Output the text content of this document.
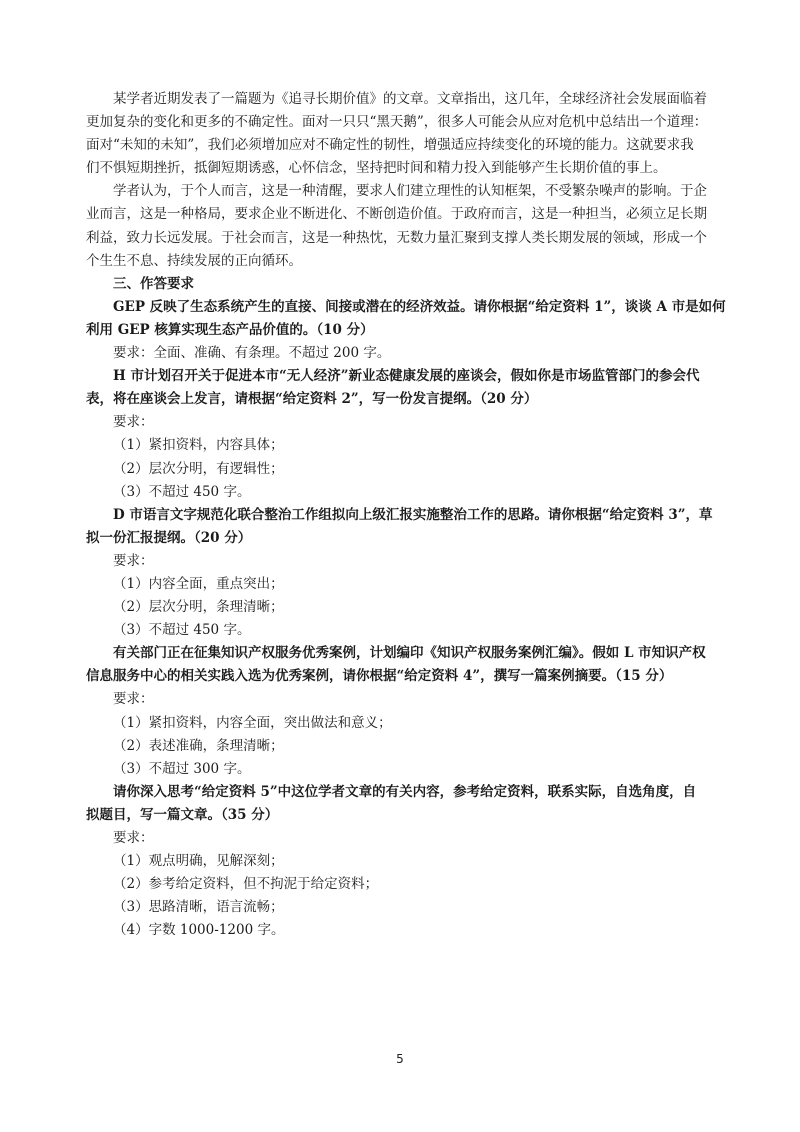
某学者近期发表了一篇题为《追寻长期价值》的文章。文章指出，这几年，全球经济社会发展面临着
更加复杂的变化和更多的不确定性。面对一只只“黑天鹅”，很多人可能会从应对危机中总结出一个道理：
面对“未知的未知”，我们必须增加应对不确定性的韧性，增强适应持续变化的环境的能力。这就要求我
们不惧短期挫折，抵御短期诱惑，心怀信念，坚持把时间和精力投入到能够产生长期价值的事上。
学者认为，于个人而言，这是一种清醒，要求人们建立理性的认知框架，不受繁杂噪声的影响。于企
业而言，这是一种格局，要求企业不断进化、不断创造价值。于政府而言，这是一种担当，必须立足长期
利益，致力长远发展。于社会而言，这是一种热忱，无数力量汇聚到支撑人类长期发展的领域，形成一个
个生生不息、持续发展的正向循环。
三、作答要求
GEP 反映了生态系统产生的直接、间接或潜在的经济效益。请你根据“给定资料 1”，谈谈 A 市是如何
利用 GEP 核算实现生态产品价值的。（10 分）
要求：全面、准确、有条理。不超过 200 字。
H 市计划召开关于促进本市“无人经济”新业态健康发展的座谈会，假如你是市场监管部门的参会代
表，将在座谈会上发言，请根据“给定资料 2”，写一份发言提纲。（20 分）
要求：
（1）紧扣资料，内容具体；
（2）层次分明，有逻辑性；
（3）不超过 450 字。
D 市语言文字规范化联合整治工作组拟向上级汇报实施整治工作的思路。请你根据“给定资料 3”，草
拟一份汇报提纲。（20 分）
要求：
（1）内容全面，重点突出；
（2）层次分明，条理清晰；
（3）不超过 450 字。
有关部门正在征集知识产权服务优秀案例，计划编印《知识产权服务案例汇编》。假如 L 市知识产权
信息服务中心的相关实践入选为优秀案例，请你根据“给定资料 4”，撰写一篇案例摘要。（15 分）
要求：
（1）紧扣资料，内容全面，突出做法和意义；
（2）表述准确，条理清晰；
（3）不超过 300 字。
请你深入思考“给定资料 5”中这位学者文章的有关内容，参考给定资料，联系实际，自选角度，自
拟题目，写一篇文章。（35 分）
要求：
（1）观点明确，见解深刻；
（2）参考给定资料，但不拘泥于给定资料；
（3）思路清晰，语言流畅；
（4）字数 1000-1200 字。
5
